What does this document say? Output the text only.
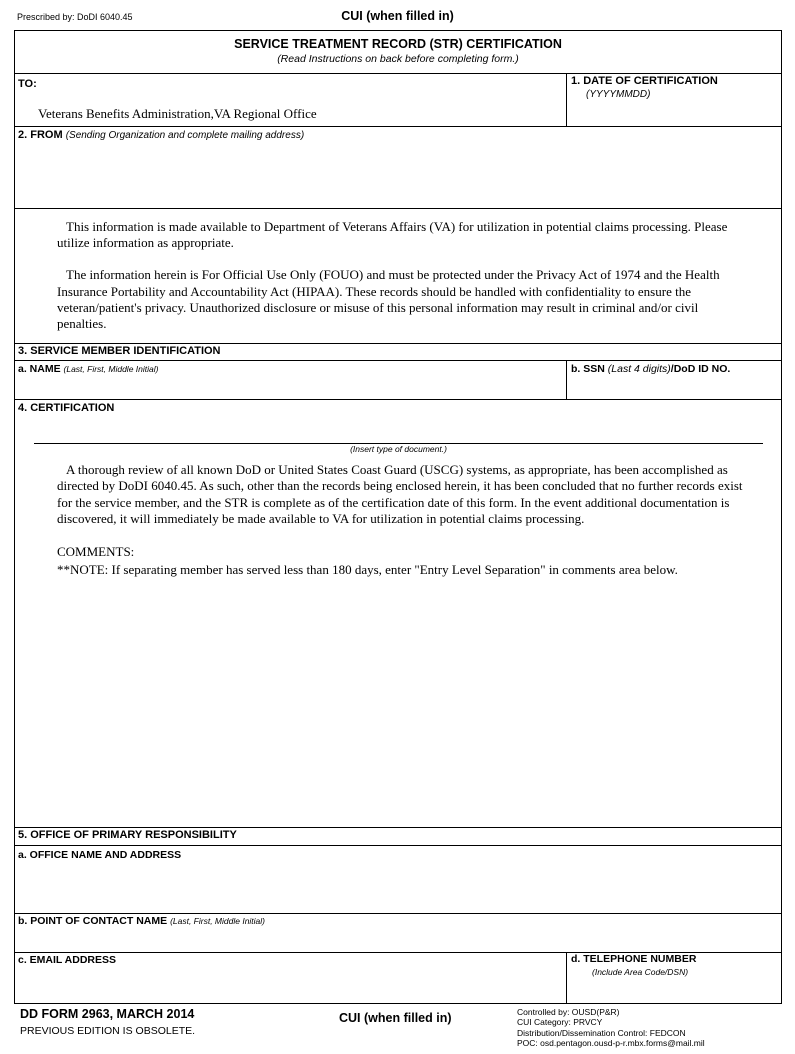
Prescribed by: DoDI 6040.45	CUI (when filled in)
SERVICE TREATMENT RECORD (STR) CERTIFICATION
(Read Instructions on back before completing form.)
TO:
Veterans Benefits Administration,VA Regional Office
1. DATE OF CERTIFICATION
(YYYYMMDD)
2. FROM (Sending Organization and complete mailing address)

This information is made available to Department of Veterans Affairs (VA) for utilization in potential claims processing. Please utilize information as appropriate.

The information herein is For Official Use Only (FOUO) and must be protected under the Privacy Act of 1974 and the Health Insurance Portability and Accountability Act (HIPAA). These records should be handled with confidentiality to ensure the veteran/patient's privacy. Unauthorized disclosure or misuse of this personal information may result in criminal and/or civil penalties.

3. SERVICE MEMBER IDENTIFICATION
a. NAME (Last, First, Middle Initial)	b. SSN (Last 4 digits)/DoD ID NO.
4. CERTIFICATION
(Insert type of document.)

A thorough review of all known DoD or United States Coast Guard (USCG) systems, as appropriate, has been accomplished as directed by DoDI 6040.45. As such, other than the records being enclosed herein, it has been concluded that no further records exist for the service member, and the STR is complete as of the certification date of this form. In the event additional documentation is discovered, it will immediately be made available to VA for utilization in potential claims processing.

COMMENTS:
**NOTE: If separating member has served less than 180 days, enter "Entry Level Separation" in comments area below.
5. OFFICE OF PRIMARY RESPONSIBILITY
a. OFFICE NAME AND ADDRESS
b. POINT OF CONTACT NAME (Last, First, Middle Initial)
c. EMAIL ADDRESS	d. TELEPHONE NUMBER
(Include Area Code/DSN)
DD FORM 2963, MARCH 2014
PREVIOUS EDITION IS OBSOLETE.
CUI (when filled in)	Controlled by: OUSD(P&R)
CUI Category: PRVCY
Distribution/Dissemination Control: FEDCON
POC: osd.pentagon.ousd-p-r.mbx.forms@mail.mil
